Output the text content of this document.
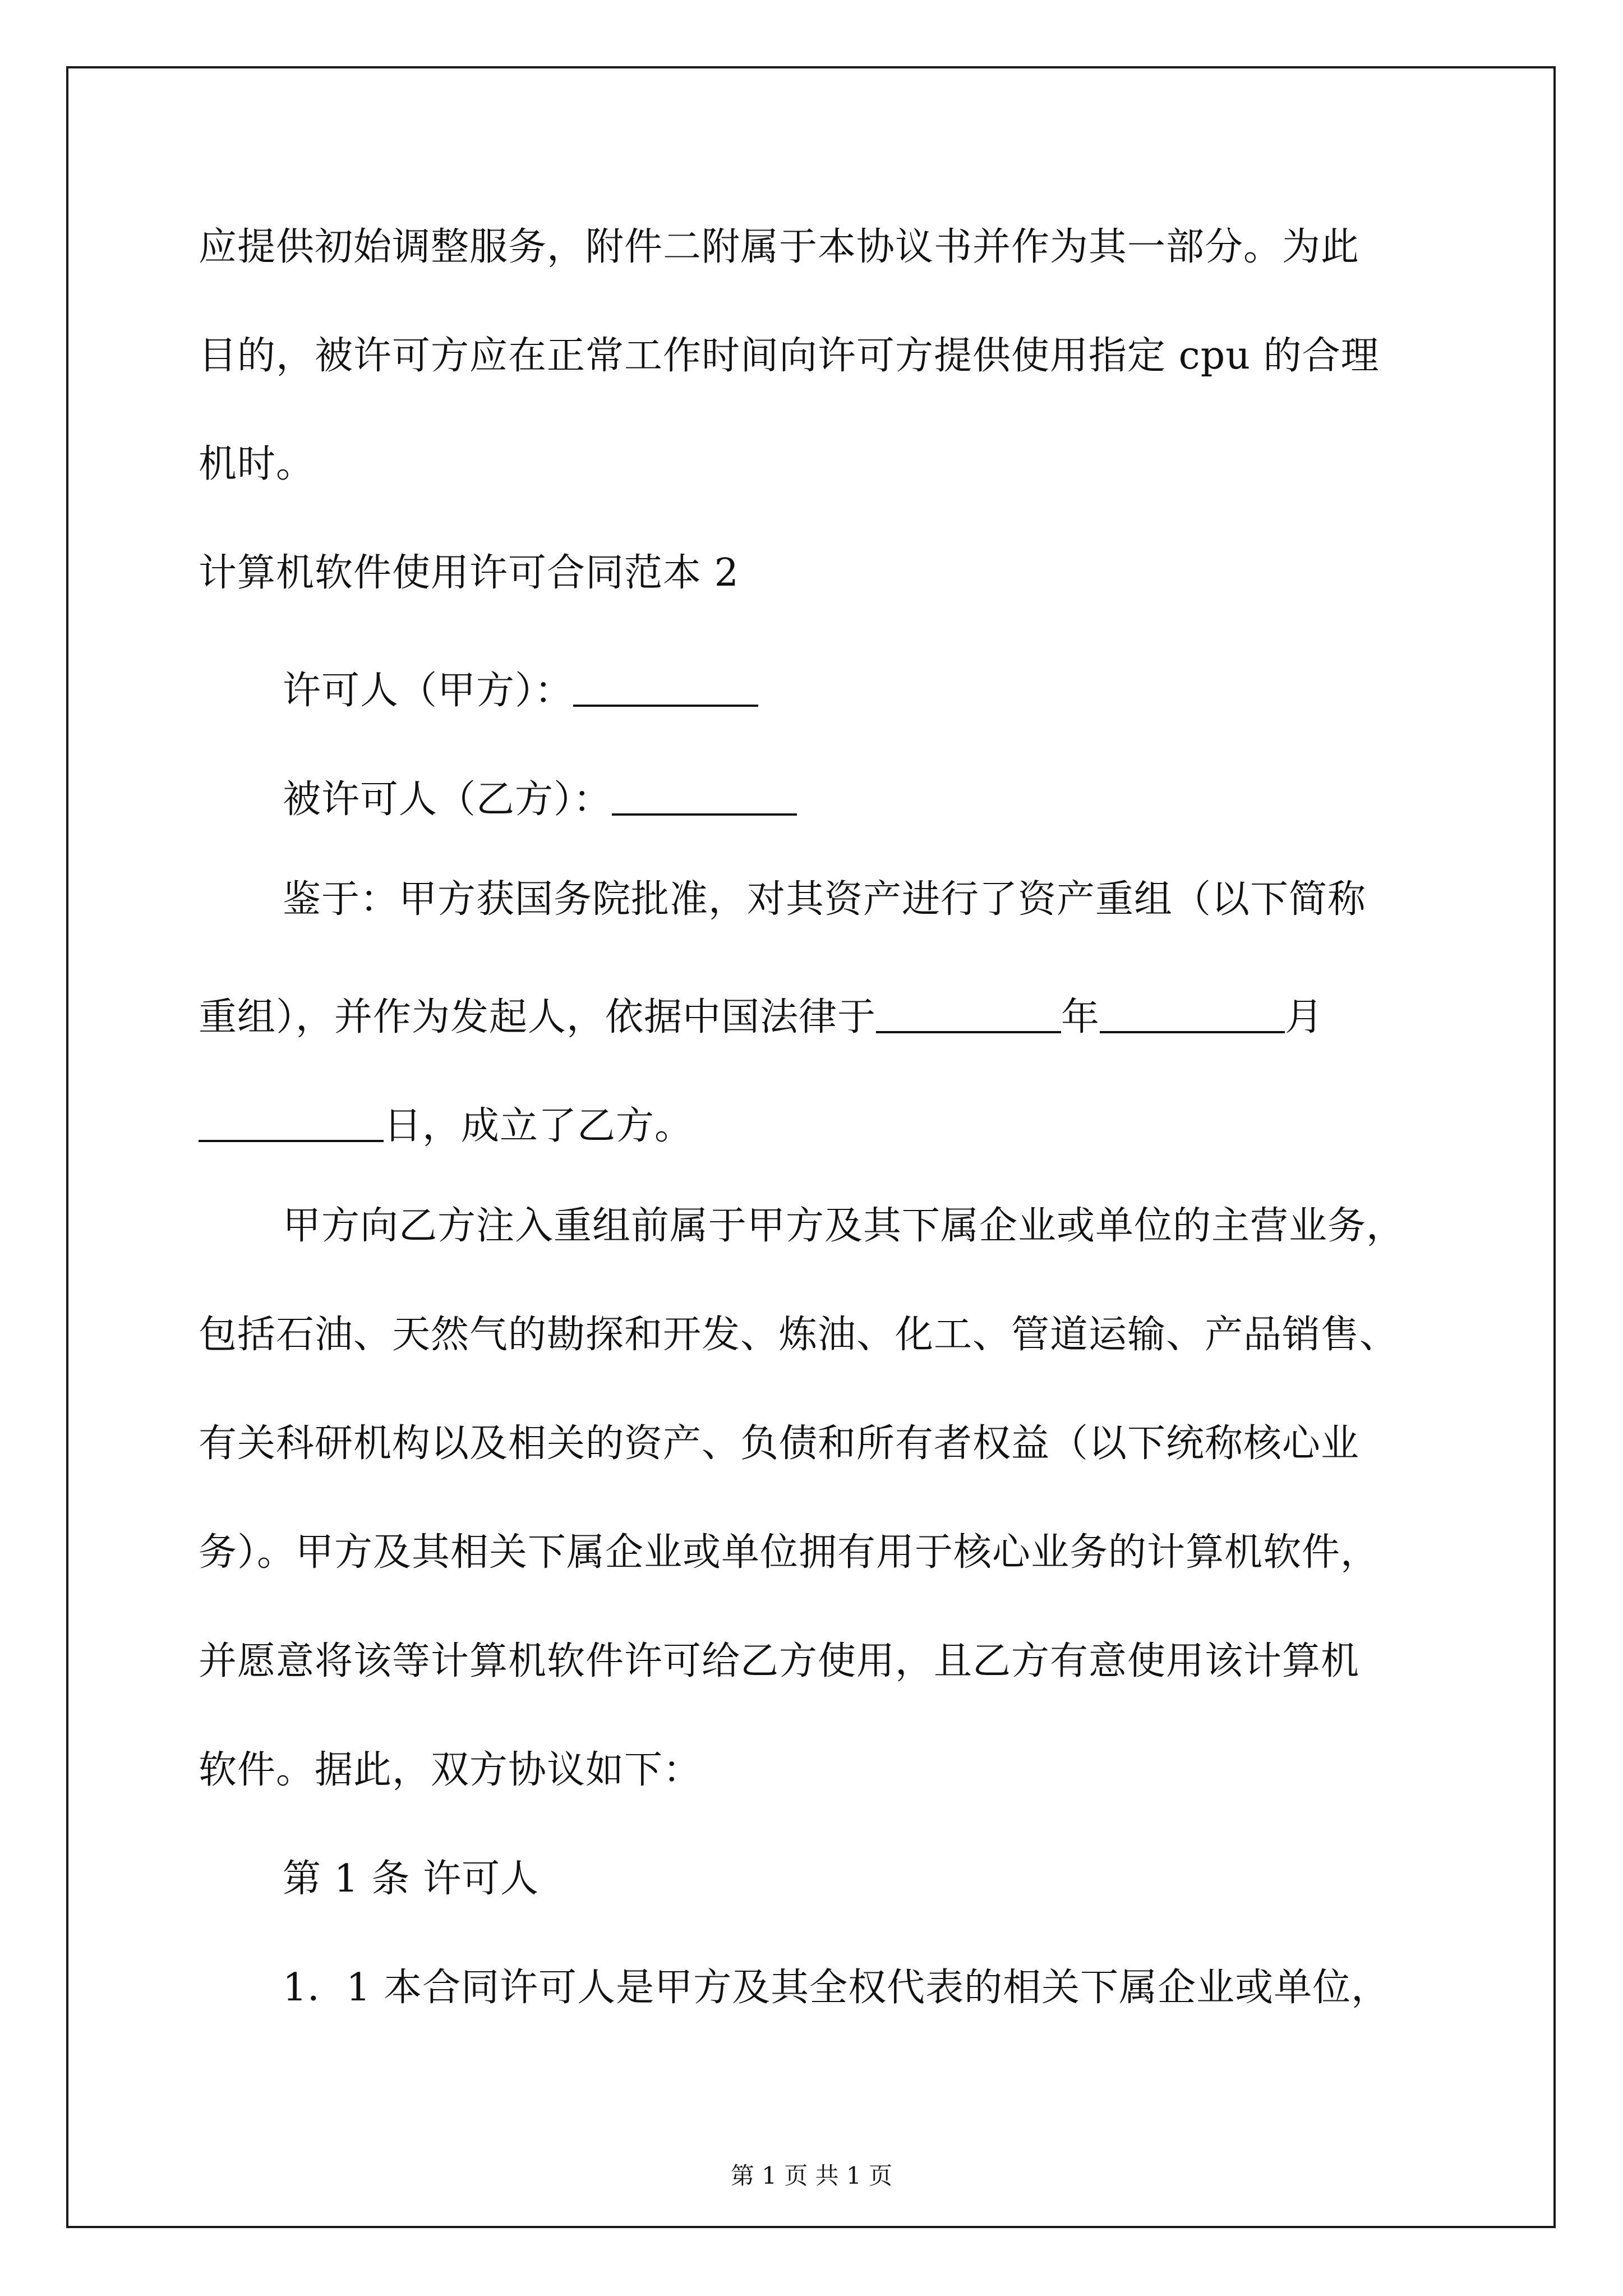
应提供初始调整服务，附件二附属于本协议书并作为其一部分。为此
目的，被许可方应在正常工作时间向许可方提供使用指定 cpu 的合理
机时。
计算机软件使用许可合同范本 2
许可人（甲方）：
被许可人（乙方）：
鉴于：甲方获国务院批准，对其资产进行了资产重组（以下简称
重组），并作为发起人，依据中国法律于	年	月
日，成立了乙方。
甲方向乙方注入重组前属于甲方及其下属企业或单位的主营业务，
包括石油、天然气的勘探和开发、炼油、化工、管道运输、产品销售、
有关科研机构以及相关的资产、负债和所有者权益（以下统称核心业
务）。甲方及其相关下属企业或单位拥有用于核心业务的计算机软件，
并愿意将该等计算机软件许可给乙方使用，且乙方有意使用该计算机
软件。据此，双方协议如下：
第 1 条 许可人
1．1 本合同许可人是甲方及其全权代表的相关下属企业或单位，
第 1 页 共 1 页
